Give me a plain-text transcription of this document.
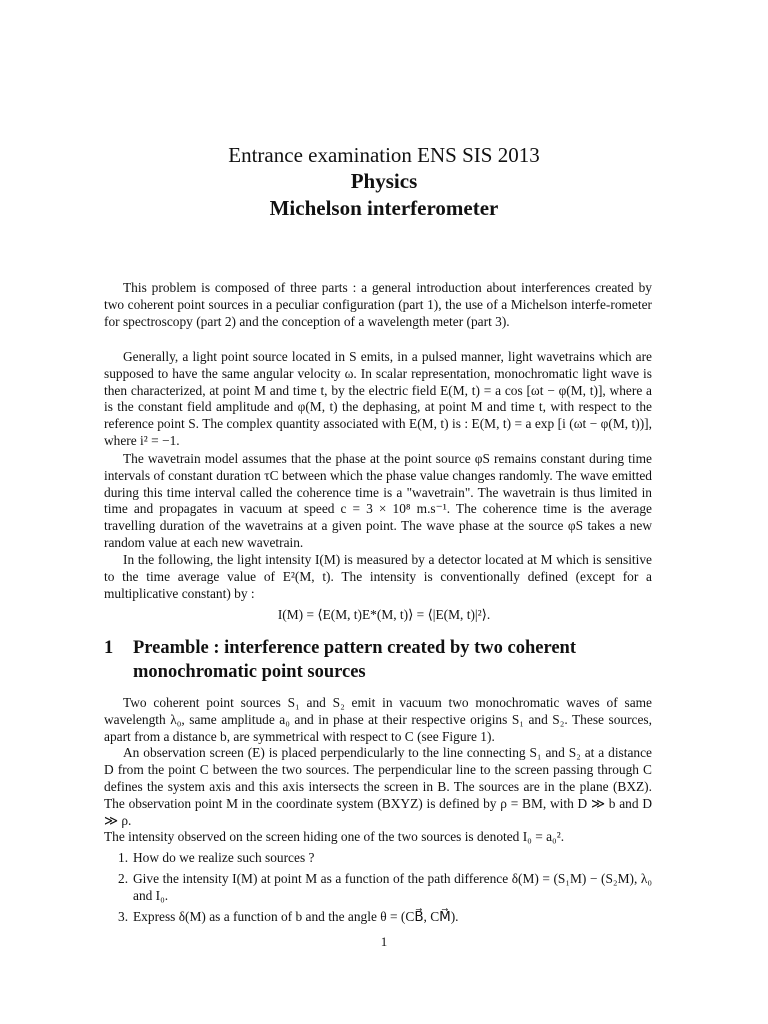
Entrance examination ENS SIS 2013
Physics
Michelson interferometer

This problem is composed of three parts : a general introduction about interferences created by two coherent point sources in a peculiar configuration (part 1), the use of a Michelson interfe-rometer for spectroscopy (part 2) and the conception of a wavelength meter (part 3).

Generally, a light point source located in S emits, in a pulsed manner, light wavetrains which are supposed to have the same angular velocity ω. In scalar representation, monochromatic light wave is then characterized, at point M and time t, by the electric field E(M, t) = a cos [ωt − φ(M, t)], where a is the constant field amplitude and φ(M, t) the dephasing, at point M and time t, with respect to the reference point S. The complex quantity associated with E(M, t) is : E(M, t) = a exp [i (ωt − φ(M, t))], where i² = −1.

The wavetrain model assumes that the phase at the point source φS remains constant during time intervals of constant duration τC between which the phase value changes randomly. The wave emitted during this time interval called the coherence time is a "wavetrain". The wavetrain is thus limited in time and propagates in vacuum at speed c = 3 × 10⁸ m.s⁻¹. The coherence time is the average travelling duration of the wavetrains at a given point. The wave phase at the source φS takes a new random value at each new wavetrain.

In the following, the light intensity I(M) is measured by a detector located at M which is sensitive to the time average value of E²(M, t). The intensity is conventionally defined (except for a multiplicative constant) by :

I(M) = ⟨E(M, t)E*(M, t)⟩ = ⟨|E(M, t)|²⟩.
1 Preamble : interference pattern created by two coherent
monochromatic point sources

Two coherent point sources S₁ and S₂ emit in vacuum two monochromatic waves of same wavelength λ₀, same amplitude a₀ and in phase at their respective origins S₁ and S₂. These sources, apart from a distance b, are symmetrical with respect to C (see Figure 1).

An observation screen (E) is placed perpendicularly to the line connecting S₁ and S₂ at a distance D from the point C between the two sources. The perpendicular line to the screen passing through C defines the system axis and this axis intersects the screen in B. The sources are in the plane (BXZ). The observation point M in the coordinate system (BXYZ) is defined by ρ = BM, with D ≫ b and D ≫ ρ.

The intensity observed on the screen hiding one of the two sources is denoted I₀ = a₀².

1. How do we realize such sources ?
2. Give the intensity I(M) at point M as a function of the path difference δ(M) = (S₁M) − (S₂M), λ₀ and I₀.
3. Express δ(M) as a function of b and the angle θ = (CB⃗, CM⃗).
1
